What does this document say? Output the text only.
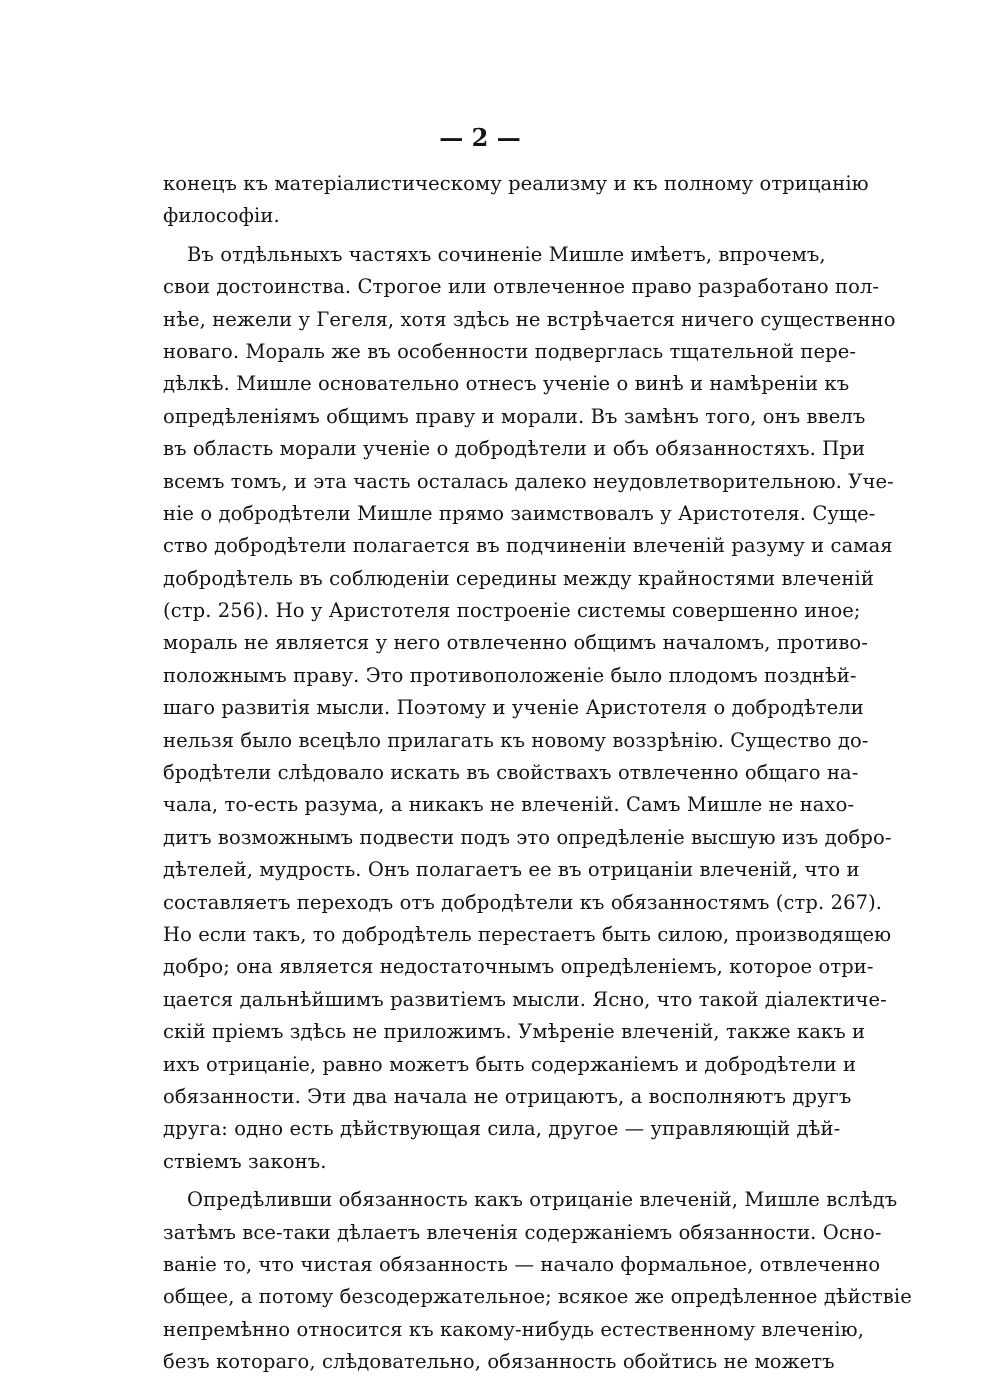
— 2 —
конецъ къ матеріалистическому реализму и къ полному отрицанію
философіи.
Въ отдѣльныхъ частяхъ сочиненіе Мишле имѣетъ, впрочемъ,
свои достоинства. Строгое или отвлеченное право разработано пол-
нѣе, нежели у Гегеля, хотя здѣсь не встрѣчается ничего существенно
новаго. Мораль же въ особенности подверглась тщательной пере-
дѣлкѣ. Мишле основательно отнесъ ученіе о винѣ и намѣреніи къ
опредѣленіямъ общимъ праву и морали. Въ замѣнъ того, онъ ввелъ
въ область морали ученіе о добродѣтели и объ обязанностяхъ. При
всемъ томъ, и эта часть осталась далеко неудовлетворительною. Уче-
ніе о добродѣтели Мишле прямо заимствовалъ у Аристотеля. Суще-
ство добродѣтели полагается въ подчиненіи влеченій разуму и самая
добродѣтель въ соблюденіи середины между крайностями влеченій
(стр. 256). Но у Аристотеля построеніе системы совершенно иное;
мораль не является у него отвлеченно общимъ началомъ, противо-
положнымъ праву. Это противоположеніе было плодомъ позднѣй-
шаго развитія мысли. Поэтому и ученіе Аристотеля о добродѣтели
нельзя было всецѣло прилагать къ новому воззрѣнію. Существо до-
бродѣтели слѣдовало искать въ свойствахъ отвлеченно общаго на-
чала, то-есть разума, а никакъ не влеченій. Самъ Мишле не нахо-
дитъ возможнымъ подвести подъ это опредѣленіе высшую изъ добро-
дѣтелей, мудрость. Онъ полагаетъ ее въ отрицаніи влеченій, что и
составляетъ переходъ отъ добродѣтели къ обязанностямъ (стр. 267).
Но если такъ, то добродѣтель перестаетъ быть силою, производящею
добро; она является недостаточнымъ опредѣленіемъ, которое отри-
цается дальнѣйшимъ развитіемъ мысли. Ясно, что такой діалектиче-
скій пріемъ здѣсь не приложимъ. Умѣреніе влеченій, также какъ и
ихъ отрицаніе, равно можетъ быть содержаніемъ и добродѣтели и
обязанности. Эти два начала не отрицаютъ, а восполняютъ другъ
друга: одно есть дѣйствующая сила, другое — управляющій дѣй-
ствіемъ законъ.
Опредѣливши обязанность какъ отрицаніе влеченій, Мишле вслѣдъ
затѣмъ все-таки дѣлаетъ влеченія содержаніемъ обязанности. Осно-
ваніе то, что чистая обязанность — начало формальное, отвлеченно
общее, а потому безсодержательное; всякое же опредѣленное дѣйствіе
непремѣнно относится къ какому-нибудь естественному влеченію,
безъ котораго, слѣдовательно, обязанность обойтись не можетъ
